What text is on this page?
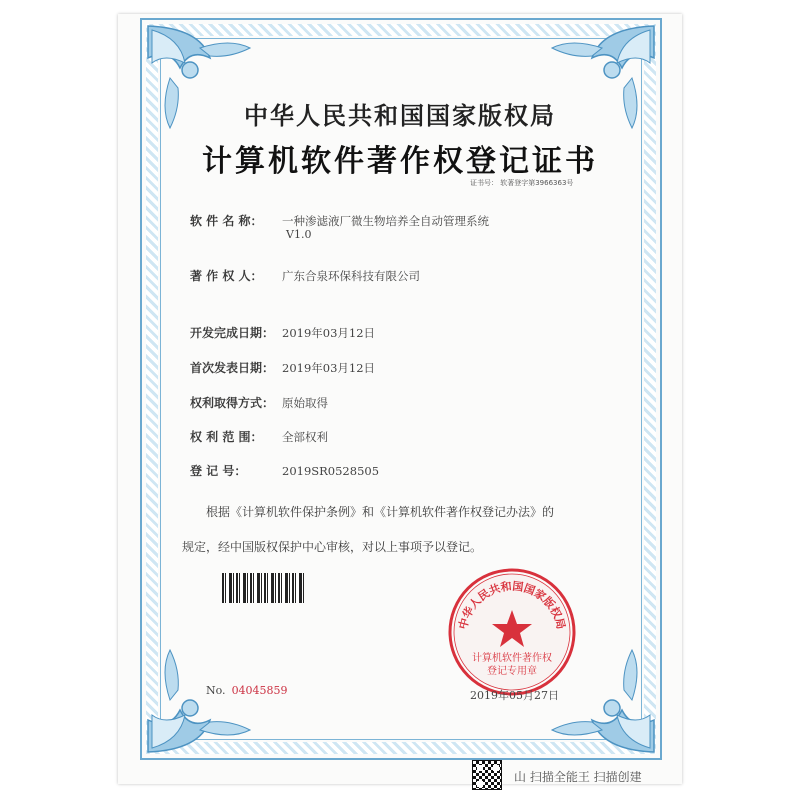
中华人民共和国国家版权局
计算机软件著作权登记证书
证书号： 软著登字第3966363号
软 件 名 称： 一种渗滤液厂微生物培养全自动管理系统
V1.0
著 作 权 人： 广东合泉环保科技有限公司
开发完成日期： 2019年03月12日
首次发表日期： 2019年03月12日
权利取得方式： 原始取得
权 利 范 围： 全部权利
登 记 号：	2019SR0528505
根据《计算机软件保护条例》和《计算机软件著作权登记办法》的
规定，经中国版权保护中心审核，对以上事项予以登记。
No. 04045859
中华人民共和国国家版权局
计算机软件著作权
登记专用章
2019年05月27日
山 扫描全能王 扫描创建
